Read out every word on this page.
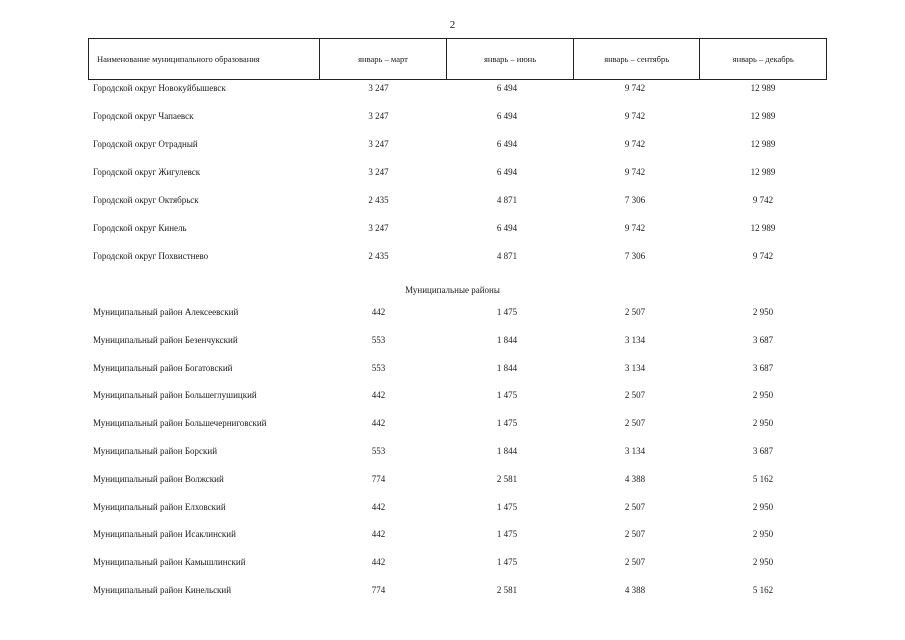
2
Наименование муниципального образования	январь – март	январь – июнь	январь – сентябрь	январь – декабрь
Городской округ Новокуйбышевск	3 247	6 494	9 742	12 989
Городской округ Чапаевск	3 247	6 494	9 742	12 989
Городской округ Отрадный	3 247	6 494	9 742	12 989
Городской округ Жигулевск	3 247	6 494	9 742	12 989
Городской округ Октябрьск	2 435	4 871	7 306	9 742
Городской округ Кинель	3 247	6 494	9 742	12 989
Городской округ Похвистнево	2 435	4 871	7 306	9 742
Муниципальные районы
Муниципальный район Алексеевский	442	1 475	2 507	2 950
Муниципальный район Безенчукский	553	1 844	3 134	3 687
Муниципальный район Богатовский	553	1 844	3 134	3 687
Муниципальный район Большеглушицкий	442	1 475	2 507	2 950
Муниципальный район Большечерниговский	442	1 475	2 507	2 950
Муниципальный район Борский	553	1 844	3 134	3 687
Муниципальный район Волжский	774	2 581	4 388	5 162
Муниципальный район Елховский	442	1 475	2 507	2 950
Муниципальный район Исаклинский	442	1 475	2 507	2 950
Муниципальный район Камышлинский	442	1 475	2 507	2 950
Муниципальный район Кинельский	774	2 581	4 388	5 162
